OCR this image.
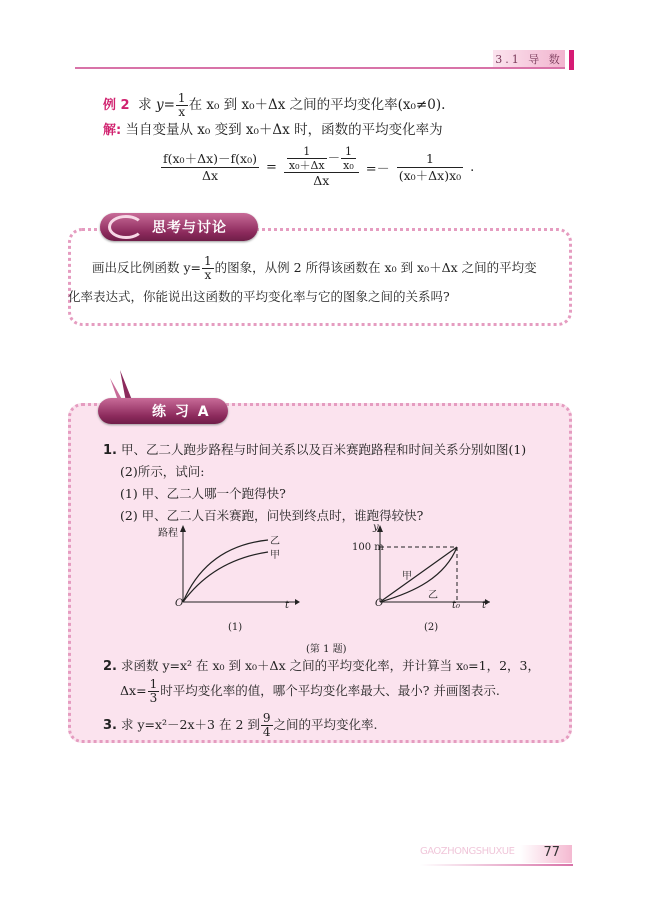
3.1 导 数
例 2 求 $y= \frac{1}{x}$ 在 x₀ 到 x₀＋Δx 之间的平均变化率(x₀≠0).
解: 当自变量从 x₀ 变到 x₀＋Δx 时，函数的平均变化率为
$\frac{\text{f(x₀＋Δx)－f(x₀)}}{\Delta x} = \frac{\frac{1}{\text{x₀＋Δx}} - \frac{1}{\text{x₀}}}{\Delta x} =- \frac{1}{\text{(x₀＋Δx)x₀}}$ .
思考与讨论
画出反比例函数 $y= \frac{1}{x}$ 的图象，从例 2 所得该函数在 x₀ 到 x₀＋Δx 之间的平均变
化率表达式，你能说出这函数的平均变化率与它的图象之间的关系吗?
练 习 A
1. 甲、乙二人跑步路程与时间关系以及百米赛跑路程和时间关系分别如图(1)
(2)所示，试问:
(1) 甲、乙二人哪一个跑得快?
(2) 甲、乙二人百米赛跑，问快到终点时，谁跑得较快?
路程
乙
甲
O	t
(1)
y
100 m
甲
乙
O	t₀ t
(2)
(第 1 题)
2. 求函数 y=x² 在 x₀ 到 x₀＋Δx 之间的平均变化率，并计算当 x₀=1，2，3，
$\Delta x= \frac{1}{3}$ 时平均变化率的值，哪个平均变化率最大、最小? 并画图表示.
3. 求 y=x²－2x＋3 在 2 到 $\frac{9}{4}$ 之间的平均变化率.
GAOZHONGSHUXUE	77
